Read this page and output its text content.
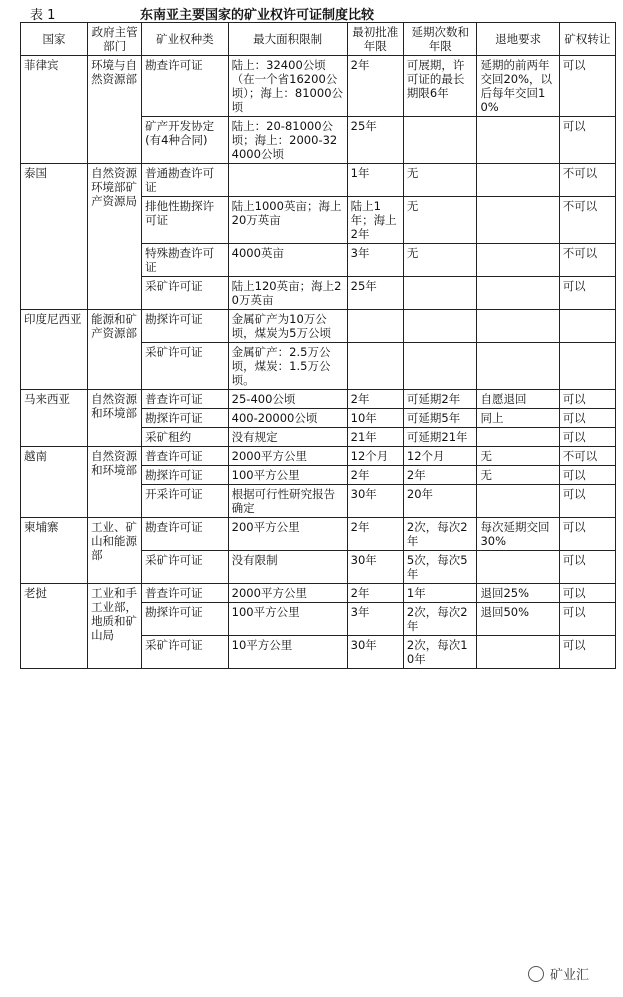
表 1	东南亚主要国家的矿业权许可证制度比较
国家	政府主管部门	矿业权种类	最大面积限制	最初批准年限	延期次数和年限	退地要求	矿权转让
菲律宾	环境与自然资源部	勘查许可证	陆上：32400公顷（在一个省16200公顷）；海上：81000公顷	2年	可展期，许可证的最长期限6年	延期的前两年交回20%，以后每年交回10%	可以
		矿产开发协定(有4种合同)	陆上：20-81000公顷；海上：2000-324000公顷	25年			可以
泰国	自然资源环境部矿产资源局	普通勘查许可证		1年	无		不可以
		排他性勘探许可证	陆上1000英亩；海上20万英亩	陆上1年；海上2年	无		不可以
		特殊勘查许可证	4000英亩	3年	无		不可以
		采矿许可证	陆上120英亩；海上20万英亩	25年			可以
印度尼西亚	能源和矿产资源部	勘探许可证	金属矿产为10万公顷，煤炭为5万公顷				
		采矿许可证	金属矿产：2.5万公顷，煤炭：1.5万公顷。				
马来西亚	自然资源和环境部	普查许可证	25-400公顷	2年	可延期2年	自愿退回	可以
		勘探许可证	400-20000公顷	10年	可延期5年	同上	可以
		采矿租约	没有规定	21年	可延期21年		可以
越南	自然资源和环境部	普查许可证	2000平方公里	12个月	12个月	无	不可以
		勘探许可证	100平方公里	2年	2年	无	可以
		开采许可证	根据可行性研究报告确定	30年	20年		可以
柬埔寨	工业、矿山和能源部	勘查许可证	200平方公里	2年	2次，每次2年	每次延期交回30%	可以
		采矿许可证	没有限制	30年	5次，每次5年		可以
老挝	工业和手工业部，地质和矿山局	普查许可证	2000平方公里	2年	1年	退回25%	可以
		勘探许可证	100平方公里	3年	2次，每次2年	退回50%	可以
		采矿许可证	10平方公里	30年	2次，每次10年		可以
矿业汇
